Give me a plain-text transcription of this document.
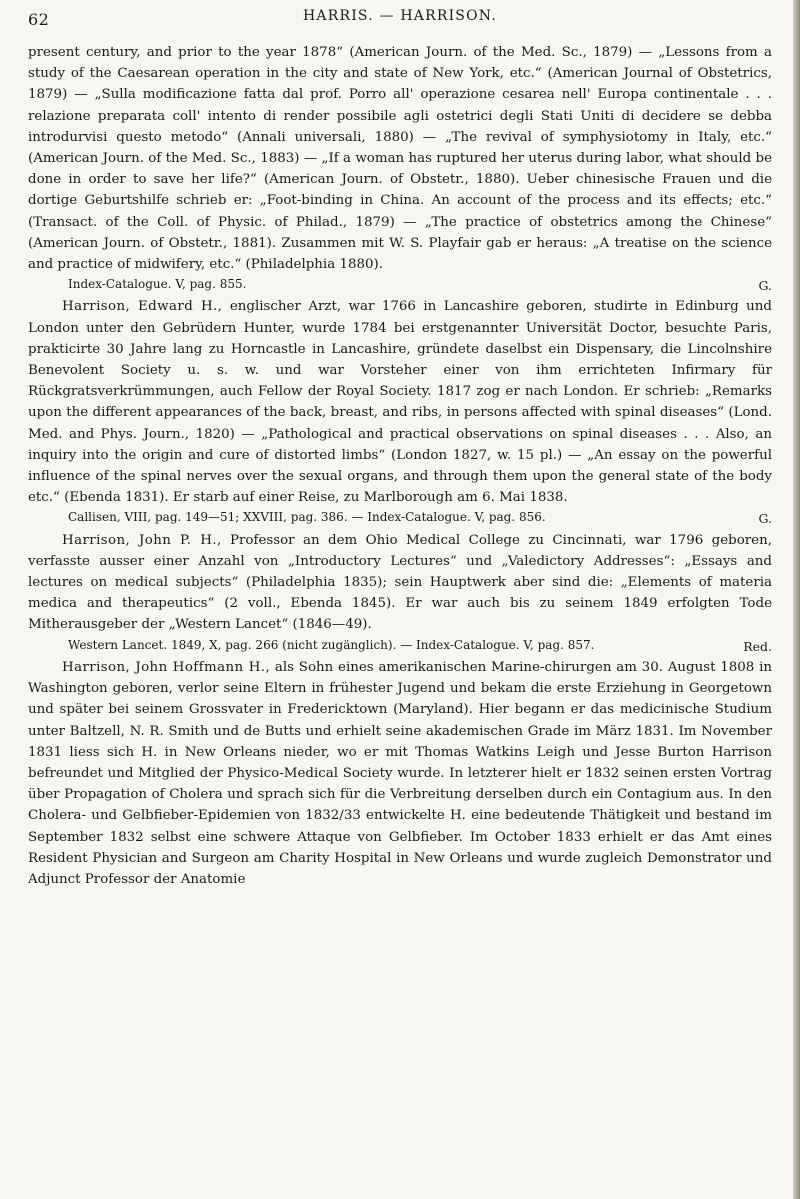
62	HARRIS. — HARRISON.

present century, and prior to the year 1878“ (American Journ. of the Med. Sc., 1879) — „Lessons from a study of the Caesarean operation in the city and state of New York, etc.“ (American Journal of Obstetrics, 1879) — „Sulla modificazione fatta dal prof. Porro all' operazione cesarea nell' Europa continentale . . . relazione preparata coll' intento di render possibile agli ostetrici degli Stati Uniti di decidere se debba introdurvisi questo metodo“ (Annali universali, 1880) — „The revival of symphysiotomy in Italy, etc.“ (American Journ. of the Med. Sc., 1883) — „If a woman has ruptured her uterus during labor, what should be done in order to save her life?“ (American Journ. of Obstetr., 1880). Ueber chinesische Frauen und die dortige Geburtshilfe schrieb er: „Foot-binding in China. An account of the process and its effects; etc.“ (Transact. of the Coll. of Physic. of Philad., 1879) — „The practice of obstetrics among the Chinese“ (American Journ. of Obstetr., 1881). Zusammen mit W. S. Playfair gab er heraus: „A treatise on the science and practice of midwifery, etc.“ (Philadelphia 1880).

Index-Catalogue. V, pag. 855.	G.

Harrison, Edward H., englischer Arzt, war 1766 in Lancashire geboren, studirte in Edinburg und London unter den Gebrüdern Hunter, wurde 1784 bei erstgenannter Universität Doctor, besuchte Paris, prakticirte 30 Jahre lang zu Horncastle in Lancashire, gründete daselbst ein Dispensary, die Lincolnshire Benevolent Society u. s. w. und war Vorsteher einer von ihm errichteten Infirmary für Rückgratsverkrümmungen, auch Fellow der Royal Society. 1817 zog er nach London. Er schrieb: „Remarks upon the different appearances of the back, breast, and ribs, in persons affected with spinal diseases“ (Lond. Med. and Phys. Journ., 1820) — „Pathological and practical observations on spinal diseases . . . Also, an inquiry into the origin and cure of distorted limbs“ (London 1827, w. 15 pl.) — „An essay on the powerful influence of the spinal nerves over the sexual organs, and through them upon the general state of the body etc.“ (Ebenda 1831). Er starb auf einer Reise, zu Marlborough am 6. Mai 1838.

Callisen, VIII, pag. 149—51; XXVIII, pag. 386. — Index-Catalogue. V, pag. 856.	G.

Harrison, John P. H., Professor an dem Ohio Medical College zu Cincinnati, war 1796 geboren, verfasste ausser einer Anzahl von „Introductory Lectures“ und „Valedictory Addresses“: „Essays and lectures on medical subjects“ (Philadelphia 1835); sein Hauptwerk aber sind die: „Elements of materia medica and therapeutics“ (2 voll., Ebenda 1845). Er war auch bis zu seinem 1849 erfolgten Tode Mitherausgeber der „Western Lancet“ (1846—49).

Western Lancet. 1849, X, pag. 266 (nicht zugänglich). — Index-Catalogue. V, pag. 857.	Red.

Harrison, John Hoffmann H., als Sohn eines amerikanischen Marine-chirurgen am 30. August 1808 in Washington geboren, verlor seine Eltern in frühester Jugend und bekam die erste Erziehung in Georgetown und später bei seinem Grossvater in Fredericktown (Maryland). Hier begann er das medicinische Studium unter Baltzell, N. R. Smith und de Butts und erhielt seine akademischen Grade im März 1831. Im November 1831 liess sich H. in New Orleans nieder, wo er mit Thomas Watkins Leigh und Jesse Burton Harrison befreundet und Mitglied der Physico-Medical Society wurde. In letzterer hielt er 1832 seinen ersten Vortrag über Propagation of Cholera und sprach sich für die Verbreitung derselben durch ein Contagium aus. In den Cholera- und Gelbfieber-Epidemien von 1832/33 entwickelte H. eine bedeutende Thätigkeit und bestand im September 1832 selbst eine schwere Attaque von Gelbfieber. Im October 1833 erhielt er das Amt eines Resident Physician and Surgeon am Charity Hospital in New Orleans und wurde zugleich Demonstrator und Adjunct Professor der Anatomie
